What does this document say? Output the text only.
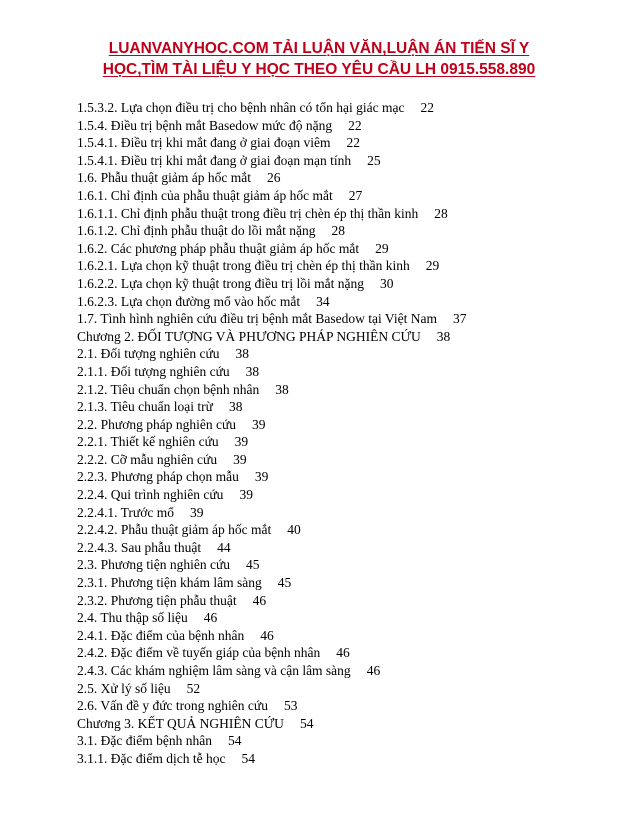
LUANVANYHOC.COM TẢI LUẬN VĂN,LUẬN ÁN TIẾN SĨ Y
HỌC,TÌM TÀI LIỆU Y HỌC THEO YÊU CẦU LH 0915.558.890
1.5.3.2. Lựa chọn điều trị cho bệnh nhân có tổn hại giác mạc 22
1.5.4. Điều trị bệnh mắt Basedow mức độ nặng 22
1.5.4.1. Điều trị khi mắt đang ở giai đoạn viêm 22
1.5.4.1. Điều trị khi mắt đang ở giai đoạn mạn tính 25
1.6. Phẫu thuật giảm áp hốc mắt 26
1.6.1. Chỉ định của phẫu thuật giảm áp hốc mắt 27
1.6.1.1. Chỉ định phẫu thuật trong điều trị chèn ép thị thần kinh 28
1.6.1.2. Chỉ định phẫu thuật do lồi mắt nặng 28
1.6.2. Các phương pháp phẫu thuật giảm áp hốc mắt 29
1.6.2.1. Lựa chọn kỹ thuật trong điều trị chèn ép thị thần kinh 29
1.6.2.2. Lựa chọn kỹ thuật trong điều trị lồi mắt nặng 30
1.6.2.3. Lựa chọn đường mổ vào hốc mắt 34
1.7. Tình hình nghiên cứu điều trị bệnh mắt Basedow tại Việt Nam 37
Chương 2. ĐỐI TƯỢNG VÀ PHƯƠNG PHÁP NGHIÊN CỨU 38
2.1. Đối tượng nghiên cứu 38
2.1.1. Đối tượng nghiên cứu 38
2.1.2. Tiêu chuẩn chọn bệnh nhân 38
2.1.3. Tiêu chuẩn loại trừ 38
2.2. Phương pháp nghiên cứu 39
2.2.1. Thiết kế nghiên cứu 39
2.2.2. Cỡ mẫu nghiên cứu 39
2.2.3. Phương pháp chọn mẫu 39
2.2.4. Qui trình nghiên cứu 39
2.2.4.1. Trước mổ 39
2.2.4.2. Phẫu thuật giảm áp hốc mắt 40
2.2.4.3. Sau phẫu thuật 44
2.3. Phương tiện nghiên cứu 45
2.3.1. Phương tiện khám lâm sàng 45
2.3.2. Phương tiện phẫu thuật 46
2.4. Thu thập số liệu 46
2.4.1. Đặc điểm của bệnh nhân 46
2.4.2. Đặc điểm về tuyến giáp của bệnh nhân 46
2.4.3. Các khám nghiệm lâm sàng và cận lâm sàng 46
2.5. Xử lý số liệu 52
2.6. Vấn đề y đức trong nghiên cứu 53
Chương 3. KẾT QUẢ NGHIÊN CỨU 54
3.1. Đặc điểm bệnh nhân 54
3.1.1. Đặc điểm dịch tễ học 54
